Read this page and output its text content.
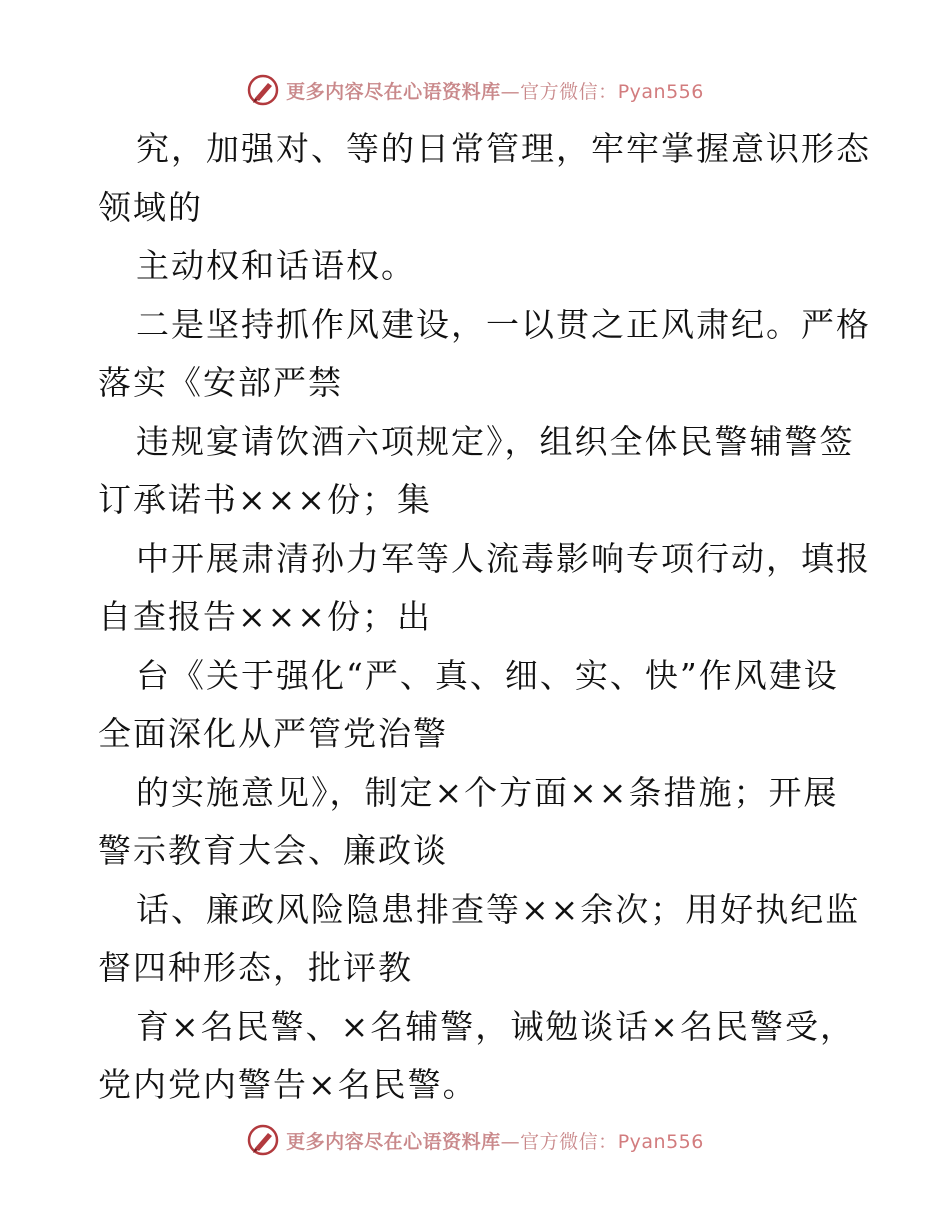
更多内容尽在心语资料库—官方微信：Pyan556
究，加强对、等的日常管理，牢牢掌握意识形态
领域的
主动权和话语权。
二是坚持抓作风建设，一以贯之正风肃纪。严格
落实《安部严禁
违规宴请饮酒六项规定》，组织全体民警辅警签
订承诺书×××份；集
中开展肃清孙力军等人流毒影响专项行动，填报
自查报告×××份；出
台《关于强化“严、真、细、实、快”作风建设
全面深化从严管党治警
的实施意见》，制定×个方面××条措施；开展
警示教育大会、廉政谈
话、廉政风险隐患排查等××余次；用好执纪监
督四种形态，批评教
育×名民警、×名辅警，诫勉谈话×名民警受，
党内党内警告×名民警。
更多内容尽在心语资料库—官方微信：Pyan556
